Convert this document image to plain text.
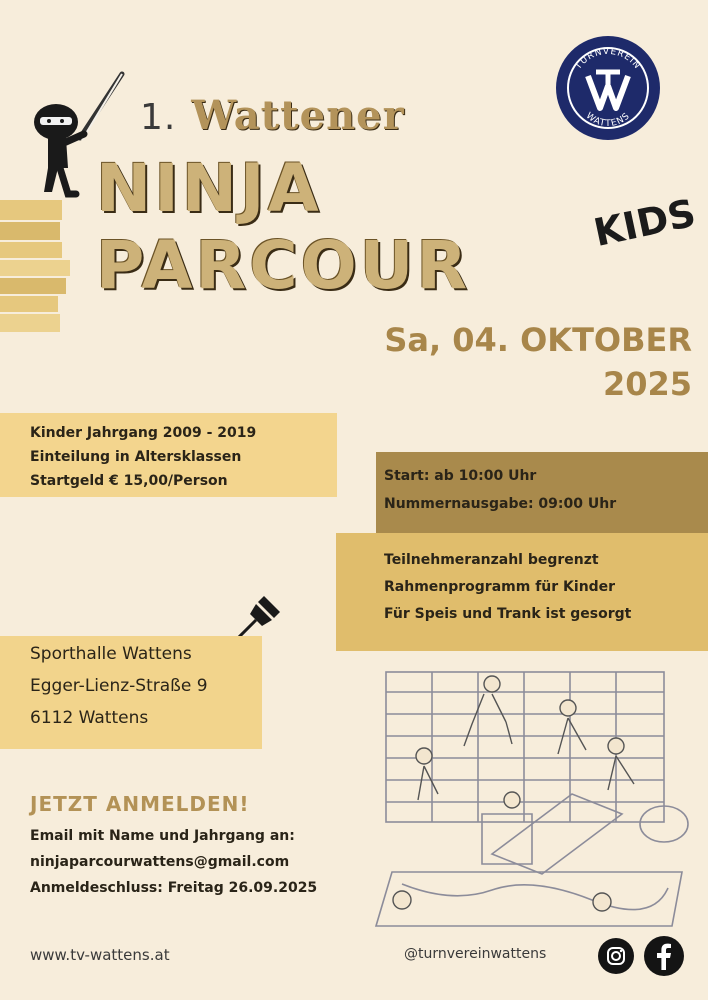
TURNVEREIN
WATTENS
1. Wattener
NINJA PARCOUR
KIDS
Sa, 04. OKTOBER
2025
Kinder Jahrgang 2009 - 2019
Einteilung in Altersklassen
Startgeld € 15,00/Person	Start: ab 10:00 Uhr
Nummernausgabe: 09:00 Uhr
Teilnehmeranzahl begrenzt
Rahmenprogramm für Kinder
Für Speis und Trank ist gesorgt
Sporthalle Wattens
Egger-Lienz-Straße 9
6112 Wattens
JETZT ANMELDEN!
Email mit Name und Jahrgang an:
ninjaparcourwattens@gmail.com
Anmeldeschluss: Freitag 26.09.2025
www.tv-wattens.at	@turnvereinwattens
